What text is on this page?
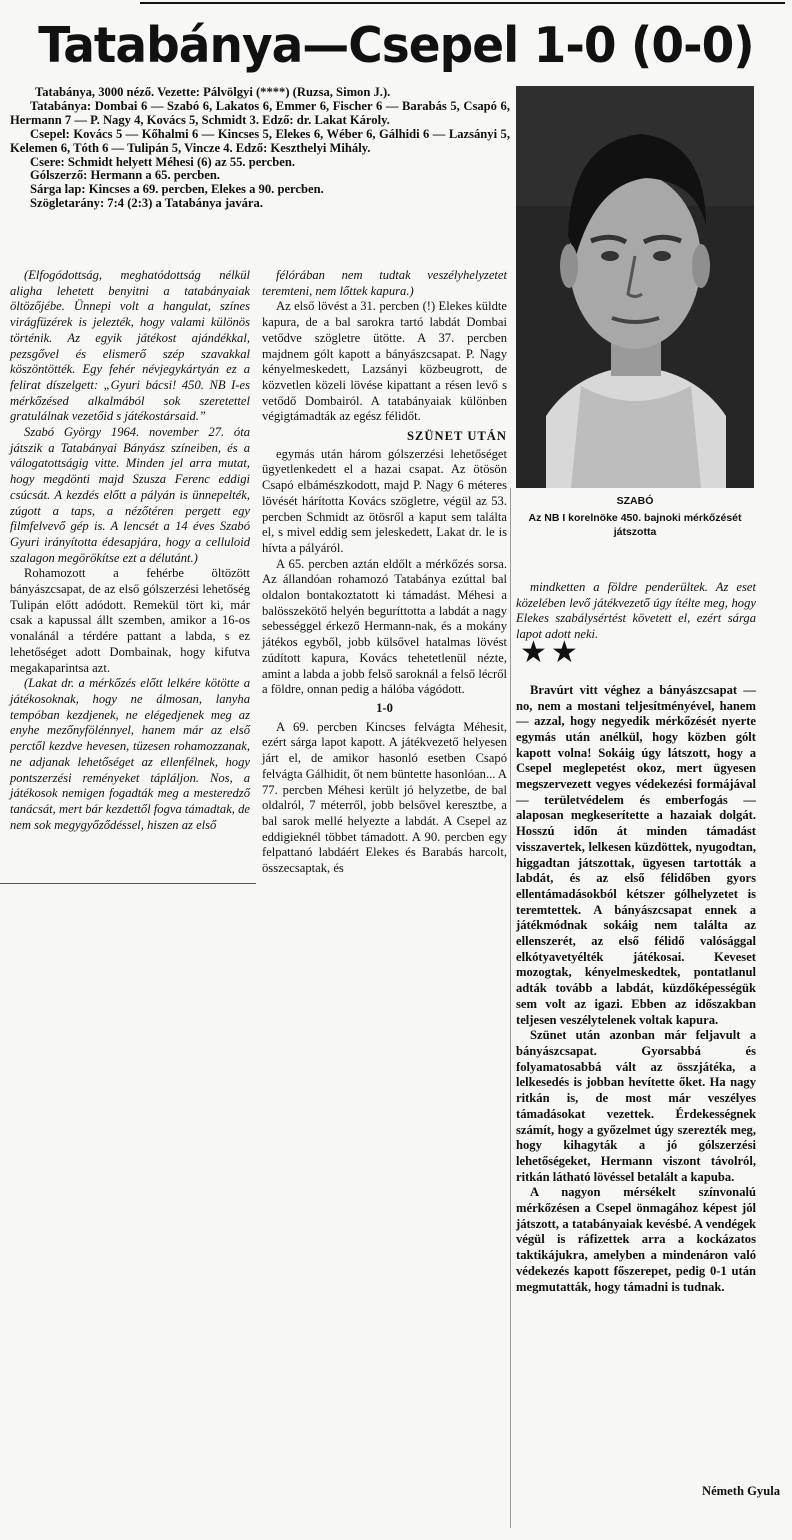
Tatabánya—Csepel 1-0 (0-0)

Tatabánya, 3000 néző. Vezette: Pálvölgyi (****) (Ruzsa, Simon J.).

Tatabánya: Dombai 6 — Szabó 6, Lakatos 6, Emmer 6, Fischer 6 — Barabás 5, Csapó 6, Hermann 7 — P. Nagy 4, Kovács 5, Schmidt 3. Edző: dr. Lakat Károly.

Csepel: Kovács 5 — Kőhalmi 6 — Kincses 5, Elekes 6, Wéber 6, Gálhidi 6 — Lazsányi 5, Kelemen 6, Tóth 6 — Tulipán 5, Vincze 4. Edző: Keszthelyi Mihály.

Csere: Schmidt helyett Méhesi (6) az 55. percben.

Gólszerző: Hermann a 65. percben.

Sárga lap: Kincses a 69. percben, Elekes a 90. percben.

Szögletarány: 7:4 (2:3) a Tatabánya javára.

SZABÓ
Az NB I korelnöke 450. bajnoki mérkőzését játszotta

(Elfogódottság, meghatódottság nélkül aligha lehetett benyitni a tatabányaiak öltözőjébe. Ünnepi volt a hangulat, színes virágfüzérek is jelezték, hogy valami különös történik. Az egyik játékost ajándékkal, pezsgővel és elismerő szép szavakkal köszöntötték. Egy fehér névjegykártyán ez a felirat díszelgett: „Gyuri bácsi! 450. NB I-es mérkőzésed alkalmából sok szeretettel gratulálnak vezetőid s játékostársaid.”

Szabó György 1964. november 27. óta játszik a Tatabányai Bányász színeiben, és a válogatottságig vitte. Minden jel arra mutat, hogy megdönti majd Szusza Ferenc eddigi csúcsát. A kezdés előtt a pályán is ünnepelték, zúgott a taps, a nézőtéren pergett egy filmfelvevő gép is. A lencsét a 14 éves Szabó Gyuri irányította édesapjára, hogy a celluloid szalagon megörökítse ezt a délutánt.)

Rohamozott a fehérbe öltözött bányászcsapat, de az első gólszerzési lehetőség Tulipán előtt adódott. Remekül tört ki, már csak a kapussal állt szemben, amikor a 16-os vonalánál a térdére pattant a labda, s ez lehetőséget adott Dombainak, hogy kifutva megakaparintsa azt.

(Lakat dr. a mérkőzés előtt lelkére kötötte a játékosoknak, hogy ne álmosan, lanyha tempóban kezdjenek, ne elégedjenek meg az enyhe mezőnyfölénnyel, hanem már az első perctől kezdve hevesen, tüzesen rohamozzanak, ne adjanak lehetőséget az ellenfélnek, hogy pontszerzési reményeket tápláljon. Nos, a játékosok nemigen fogadták meg a mesteredző tanácsát, mert bár kezdettől fogva támadtak, de nem sok megygyőződéssel, hiszen az első

félórában nem tudtak veszélyhelyzetet teremteni, nem lőttek kapura.)

Az első lövést a 31. percben (!) Elekes küldte kapura, de a bal sarokra tartó labdát Dombai vetődve szögletre ütötte. A 37. percben majdnem gólt kapott a bányászcsapat. P. Nagy kényelmeskedett, Lazsányi közbeugrott, de közvetlen közeli lövése kipattant a résen levő s vetődő Dombairól. A tatabányaiak különben végigtámadták az egész félidőt.

SZÜNET UTÁN

egymás után három gólszerzési lehetőséget ügyetlenkedett el a hazai csapat. Az ötösön Csapó elbámészkodott, majd P. Nagy 6 méteres lövését hárította Kovács szögletre, végül az 53. percben Schmidt az ötösről a kaput sem találta el, s mivel eddig sem jeleskedett, Lakat dr. le is hívta a pályáról.

A 65. percben aztán eldőlt a mérkőzés sorsa. Az állandóan rohamozó Tatabánya ezúttal bal oldalon bontakoztatott ki támadást. Méhesi a balösszekötő helyén beguríttotta a labdát a nagy sebességgel érkező Hermann-nak, és a mokány játékos egyből, jobb külsővel hatalmas lövést zúdított kapura, Kovács tehetetlenül nézte, amint a labda a jobb felső saroknál a felső lécről a földre, onnan pedig a hálóba vágódott.

1-0

A 69. percben Kincses felvágta Méhesit, ezért sárga lapot kapott. A játékvezető helyesen járt el, de amikor hasonló esetben Csapó felvágta Gálhidit, őt nem büntette hasonlóan... A 77. percben Méhesi került jó helyzetbe, de bal oldalról, 7 méterről, jobb belsővel keresztbe, a bal sarok mellé helyezte a labdát. A Csepel az eddigieknél többet támadott. A 90. percben egy felpattanó labdáért Elekes és Barabás harcolt, összecsaptak, és

mindketten a földre penderültek. Az eset közelében levő játékvezető úgy ítélte meg, hogy Elekes szabálysértést követett el, ezért sárga lapot adott neki.

Bravúrt vitt véghez a bányászcsapat — no, nem a mostani teljesítményével, hanem — azzal, hogy negyedik mérkőzését nyerte egymás után anélkül, hogy közben gólt kapott volna! Sokáig úgy látszott, hogy a Csepel meglepetést okoz, mert ügyesen megszervezett vegyes védekezési formájával — területvédelem és emberfogás — alaposan megkeserítette a hazaiak dolgát. Hosszú időn át minden támadást visszavertek, lelkesen küzdöttek, nyugodtan, higgadtan játszottak, ügyesen tartották a labdát, és az első félidőben gyors ellentámadásokból kétszer gólhelyzetet is teremtettek. A bányászcsapat ennek a játékmódnak sokáig nem találta az ellenszerét, az első félidő valósággal elkótyavetyélték játékosai. Keveset mozogtak, kényelmeskedtek, pontatlanul adták tovább a labdát, küzdőképességük sem volt az igazi. Ebben az időszakban teljesen veszélytelenek voltak kapura.

Szünet után azonban már feljavult a bányászcsapat. Gyorsabbá és folyamatosabbá vált az összjátéka, a lelkesedés is jobban hevítette őket. Ha nagy ritkán is, de most már veszélyes támadásokat vezettek. Érdekességnek számít, hogy a győzelmet úgy szerezték meg, hogy kihagyták a jó gólszerzési lehetőségeket, Hermann viszont távolról, ritkán látható lövéssel betalált a kapuba.

A nagyon mérsékelt színvonalú mérkőzésen a Csepel önmagához képest jól játszott, a tatabányaiak kevésbé. A vendégek végül is ráfizettek arra a kockázatos taktikájukra, amelyben a mindenáron való védekezés kapott főszerepet, pedig 0-1 után megmutatták, hogy támadni is tudnak.

★★
Németh Gyula
